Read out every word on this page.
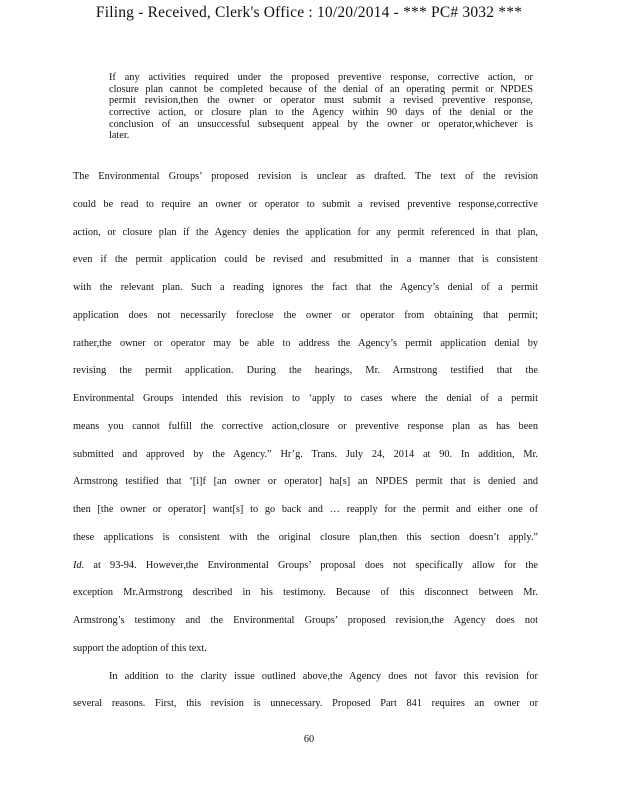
Filing - Received, Clerk's Office : 10/20/2014 - *** PC# 3032 ***
If any activities required under the proposed preventive response, corrective action, or
closure plan cannot be completed because of the denial of an operating permit or NPDES
permit revision,then the owner or operator must submit a revised preventive response,
corrective action, or closure plan to the Agency within 90 days of the denial or the
conclusion of an unsuccessful subsequent appeal by the owner or operator,whichever is
later.
The Environmental Groups’ proposed revision is unclear as drafted. The text of the revision
could be read to require an owner or operator to submit a revised preventive response,corrective
action, or closure plan if the Agency denies the application for any permit referenced in that plan,
even if the permit application could be revised and resubmitted in a manner that is consistent
with the relevant plan. Such a reading ignores the fact that the Agency’s denial of a permit
application does not necessarily foreclose the owner or operator from obtaining that permit;
rather,the owner or operator may be able to address the Agency’s permit application denial by
revising the permit application. During the hearings, Mr. Armstrong testified that the
Environmental Groups intended this revision to ‘apply to cases where the denial of a permit
means you cannot fulfill the corrective action,closure or preventive response plan as has been
submitted and approved by the Agency.” Hr’g. Trans. July 24, 2014 at 90. In addition, Mr.
Armstrong testified that ‘[i]f [an owner or operator] ha[s] an NPDES permit that is denied and
then [the owner or operator] want[s] to go back and … reapply for the permit and either one of
these applications is consistent with the original closure plan,then this section doesn’t apply.”
Id. at 93-94. However,the Environmental Groups’ proposal does not specifically allow for the
exception Mr.Armstrong described in his testimony. Because of this disconnect between Mr.
Armstrong’s testimony and the Environmental Groups’ proposed revision,the Agency does not
support the adoption of this text.
In addition to the clarity issue outlined above,the Agency does not favor this revision for
several reasons. First, this revision is unnecessary. Proposed Part 841 requires an owner or
60
